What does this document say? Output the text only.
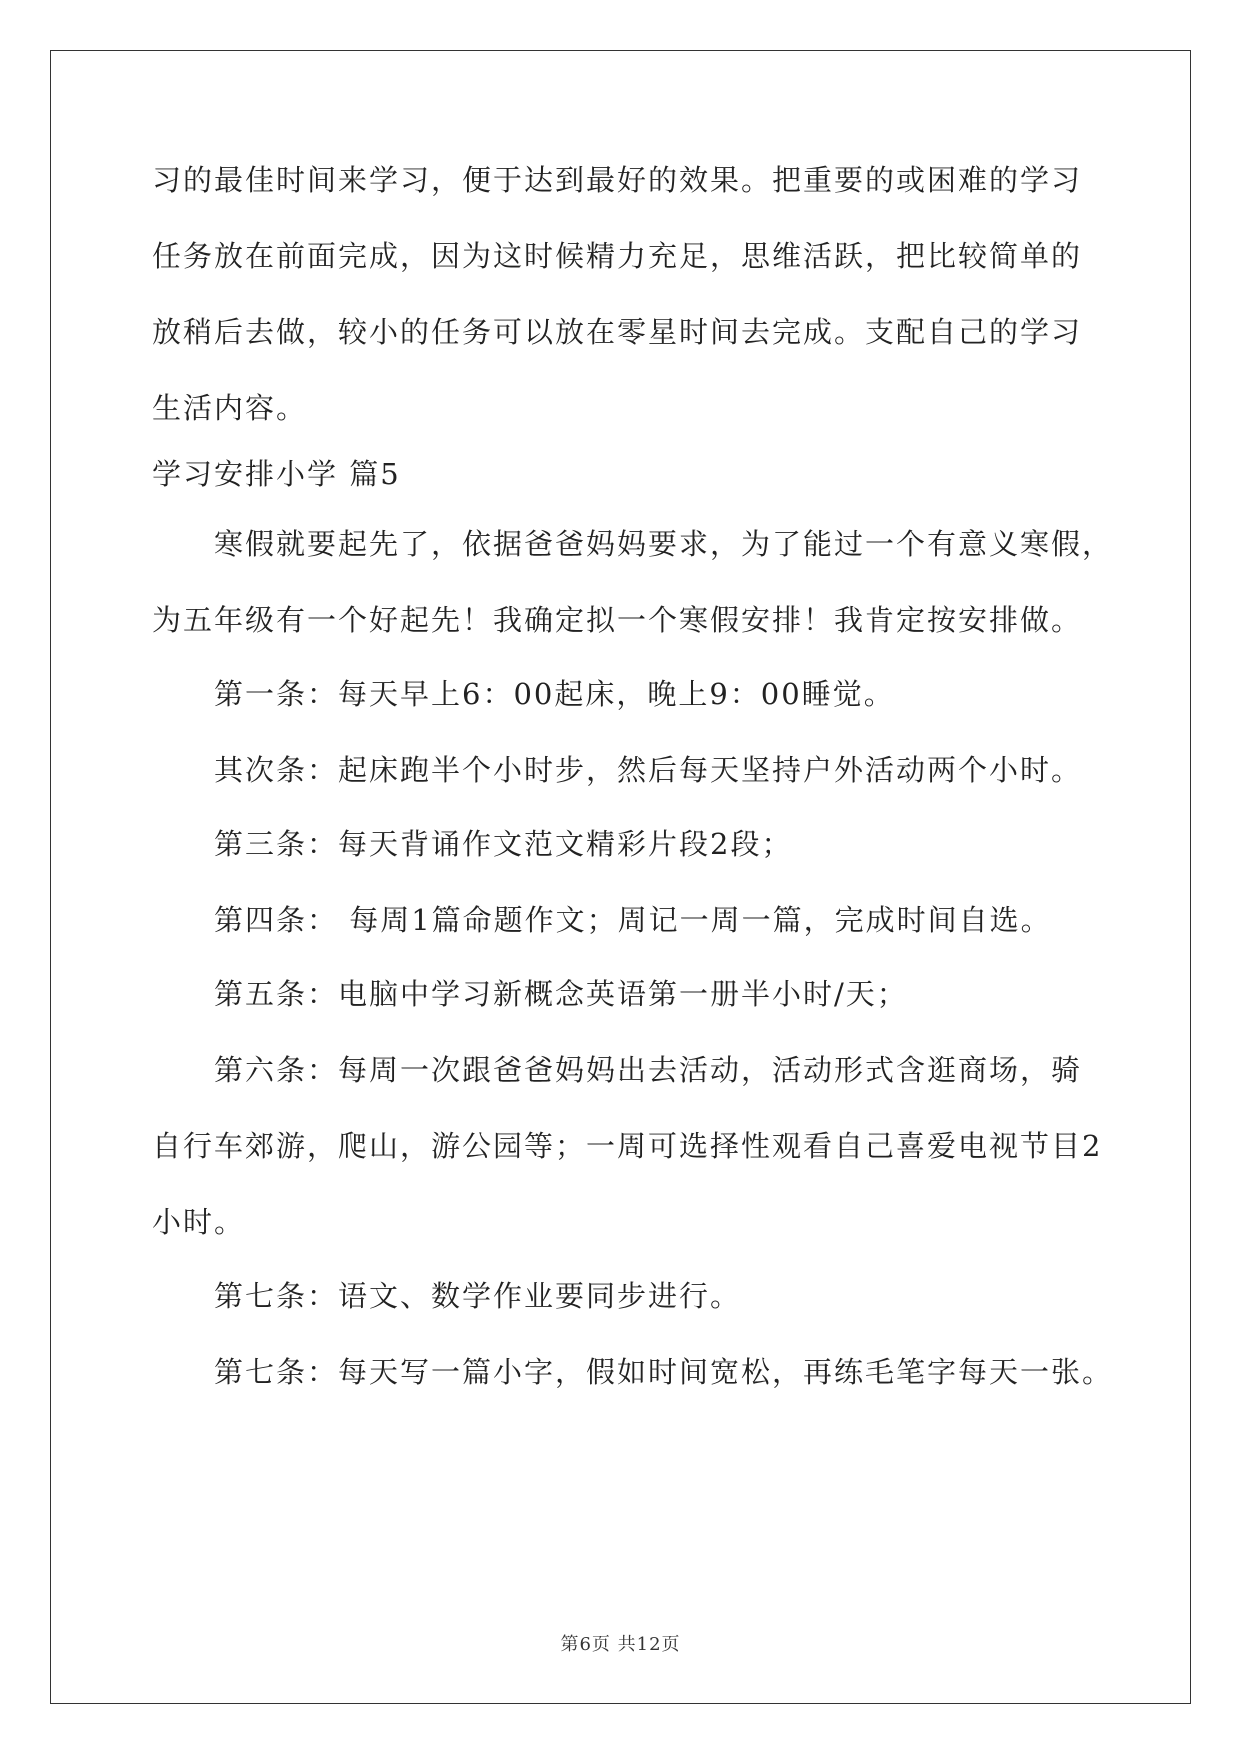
习的最佳时间来学习，便于达到最好的效果。把重要的或困难的学习
任务放在前面完成，因为这时候精力充足，思维活跃，把比较简单的
放稍后去做，较小的任务可以放在零星时间去完成。支配自己的学习
生活内容。
学习安排小学 篇5
寒假就要起先了，依据爸爸妈妈要求，为了能过一个有意义寒假，
为五年级有一个好起先！我确定拟一个寒假安排！我肯定按安排做。
第一条：每天早上6：00起床，晚上9：00睡觉。
其次条：起床跑半个小时步，然后每天坚持户外活动两个小时。
第三条：每天背诵作文范文精彩片段2段；
第四条： 每周1篇命题作文；周记一周一篇，完成时间自选。
第五条：电脑中学习新概念英语第一册半小时/天；
第六条：每周一次跟爸爸妈妈出去活动，活动形式含逛商场，骑
自行车郊游，爬山，游公园等；一周可选择性观看自己喜爱电视节目2
小时。
第七条：语文、数学作业要同步进行。
第七条：每天写一篇小字，假如时间宽松，再练毛笔字每天一张。
第6页 共12页
